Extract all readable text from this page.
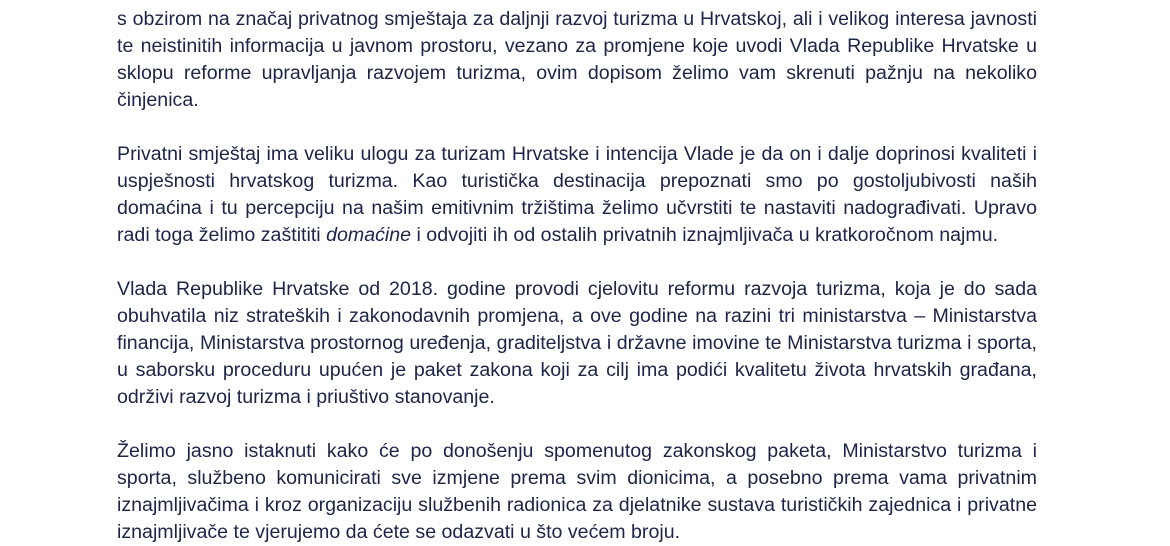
s obzirom na značaj privatnog smještaja za daljnji razvoj turizma u Hrvatskoj, ali i velikog interesa javnosti te neistinitih informacija u javnom prostoru, vezano za promjene koje uvodi Vlada Republike Hrvatske u sklopu reforme upravljanja razvojem turizma, ovim dopisom želimo vam skrenuti pažnju na nekoliko činjenica.

Privatni smještaj ima veliku ulogu za turizam Hrvatske i intencija Vlade je da on i dalje doprinosi kvaliteti i uspješnosti hrvatskog turizma. Kao turistička destinacija prepoznati smo po gostoljubivosti naših domaćina i tu percepciju na našim emitivnim tržištima želimo učvrstiti te nastaviti nadograđivati. Upravo radi toga želimo zaštititi domaćine i odvojiti ih od ostalih privatnih iznajmljivača u kratkoročnom najmu.

Vlada Republike Hrvatske od 2018. godine provodi cjelovitu reformu razvoja turizma, koja je do sada obuhvatila niz strateških i zakonodavnih promjena, a ove godine na razini tri ministarstva – Ministarstva financija, Ministarstva prostornog uređenja, graditeljstva i državne imovine te Ministarstva turizma i sporta, u saborsku proceduru upućen je paket zakona koji za cilj ima podići kvalitetu života hrvatskih građana, održivi razvoj turizma i priuštivo stanovanje.

Želimo jasno istaknuti kako će po donošenju spomenutog zakonskog paketa, Ministarstvo turizma i sporta, službeno komunicirati sve izmjene prema svim dionicima, a posebno prema vama privatnim iznajmljivačima i kroz organizaciju službenih radionica za djelatnike sustava turističkih zajednica i privatne iznajmljivače te vjerujemo da ćete se odazvati u što većem broju.
